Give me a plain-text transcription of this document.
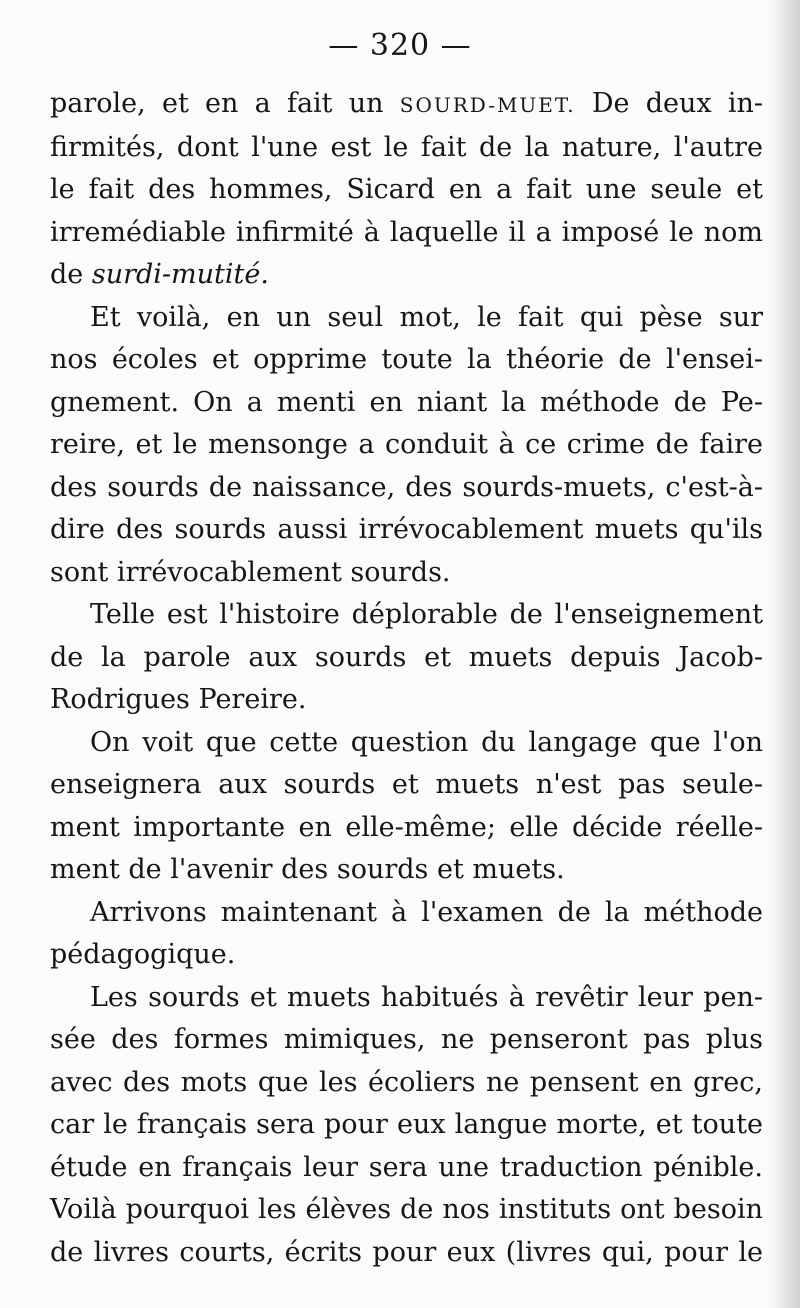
— 320 —
parole, et en a fait un SOURD-MUET. De deux in-
firmités, dont l'une est le fait de la nature, l'autre
le fait des hommes, Sicard en a fait une seule et
irremédiable infirmité à laquelle il a imposé le nom
de surdi-mutité.
Et voilà, en un seul mot, le fait qui pèse sur
nos écoles et opprime toute la théorie de l'ensei-
gnement. On a menti en niant la méthode de Pe-
reire, et le mensonge a conduit à ce crime de faire
des sourds de naissance, des sourds-muets, c'est-à-
dire des sourds aussi irrévocablement muets qu'ils
sont irrévocablement sourds.
Telle est l'histoire déplorable de l'enseignement
de la parole aux sourds et muets depuis Jacob-
Rodrigues Pereire.
On voit que cette question du langage que l'on
enseignera aux sourds et muets n'est pas seule-
ment importante en elle-même; elle décide réelle-
ment de l'avenir des sourds et muets.
Arrivons maintenant à l'examen de la méthode
pédagogique.
Les sourds et muets habitués à revêtir leur pen-
sée des formes mimiques, ne penseront pas plus
avec des mots que les écoliers ne pensent en grec,
car le français sera pour eux langue morte, et toute
étude en français leur sera une traduction pénible.
Voilà pourquoi les élèves de nos instituts ont besoin
de livres courts, écrits pour eux (livres qui, pour le
